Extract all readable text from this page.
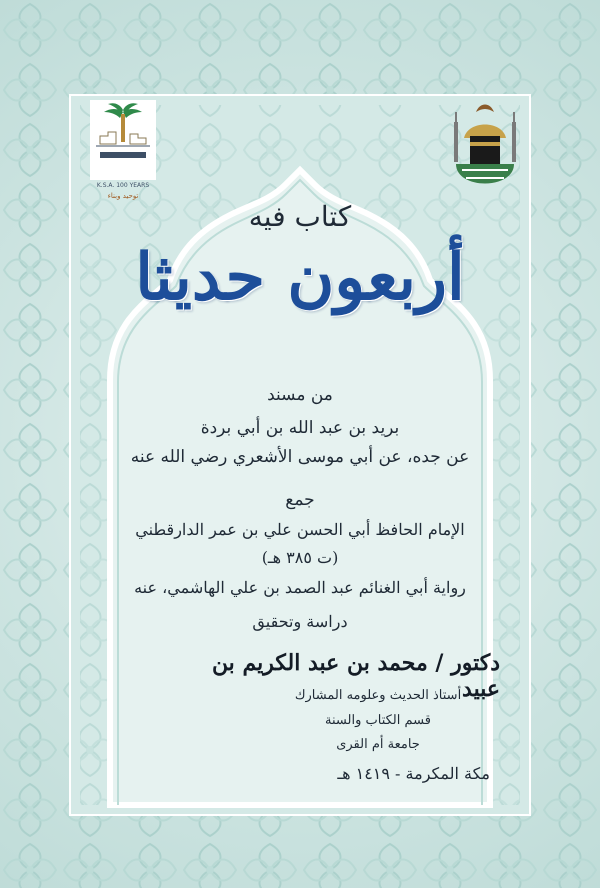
K.S.A. 100 YEARS
توحيد وبناء
كتاب فيه
أربعون حديثا
من مسند
بريد بن عبد الله بن أبي بردة
عن جده، عن أبي موسى الأشعري رضي الله عنه
جمع
الإمام الحافظ أبي الحسن علي بن عمر الدارقطني
(ت ٣٨٥ هـ)
رواية أبي الغنائم عبد الصمد بن علي الهاشمي، عنه
دراسة وتحقيق
دكتور / محمد بن عبد الكريم بن عبيد
أستاذ الحديث وعلومه المشارك
قسم الكتاب والسنة
جامعة أم القرى
مكة المكرمة - ١٤١٩ هـ
